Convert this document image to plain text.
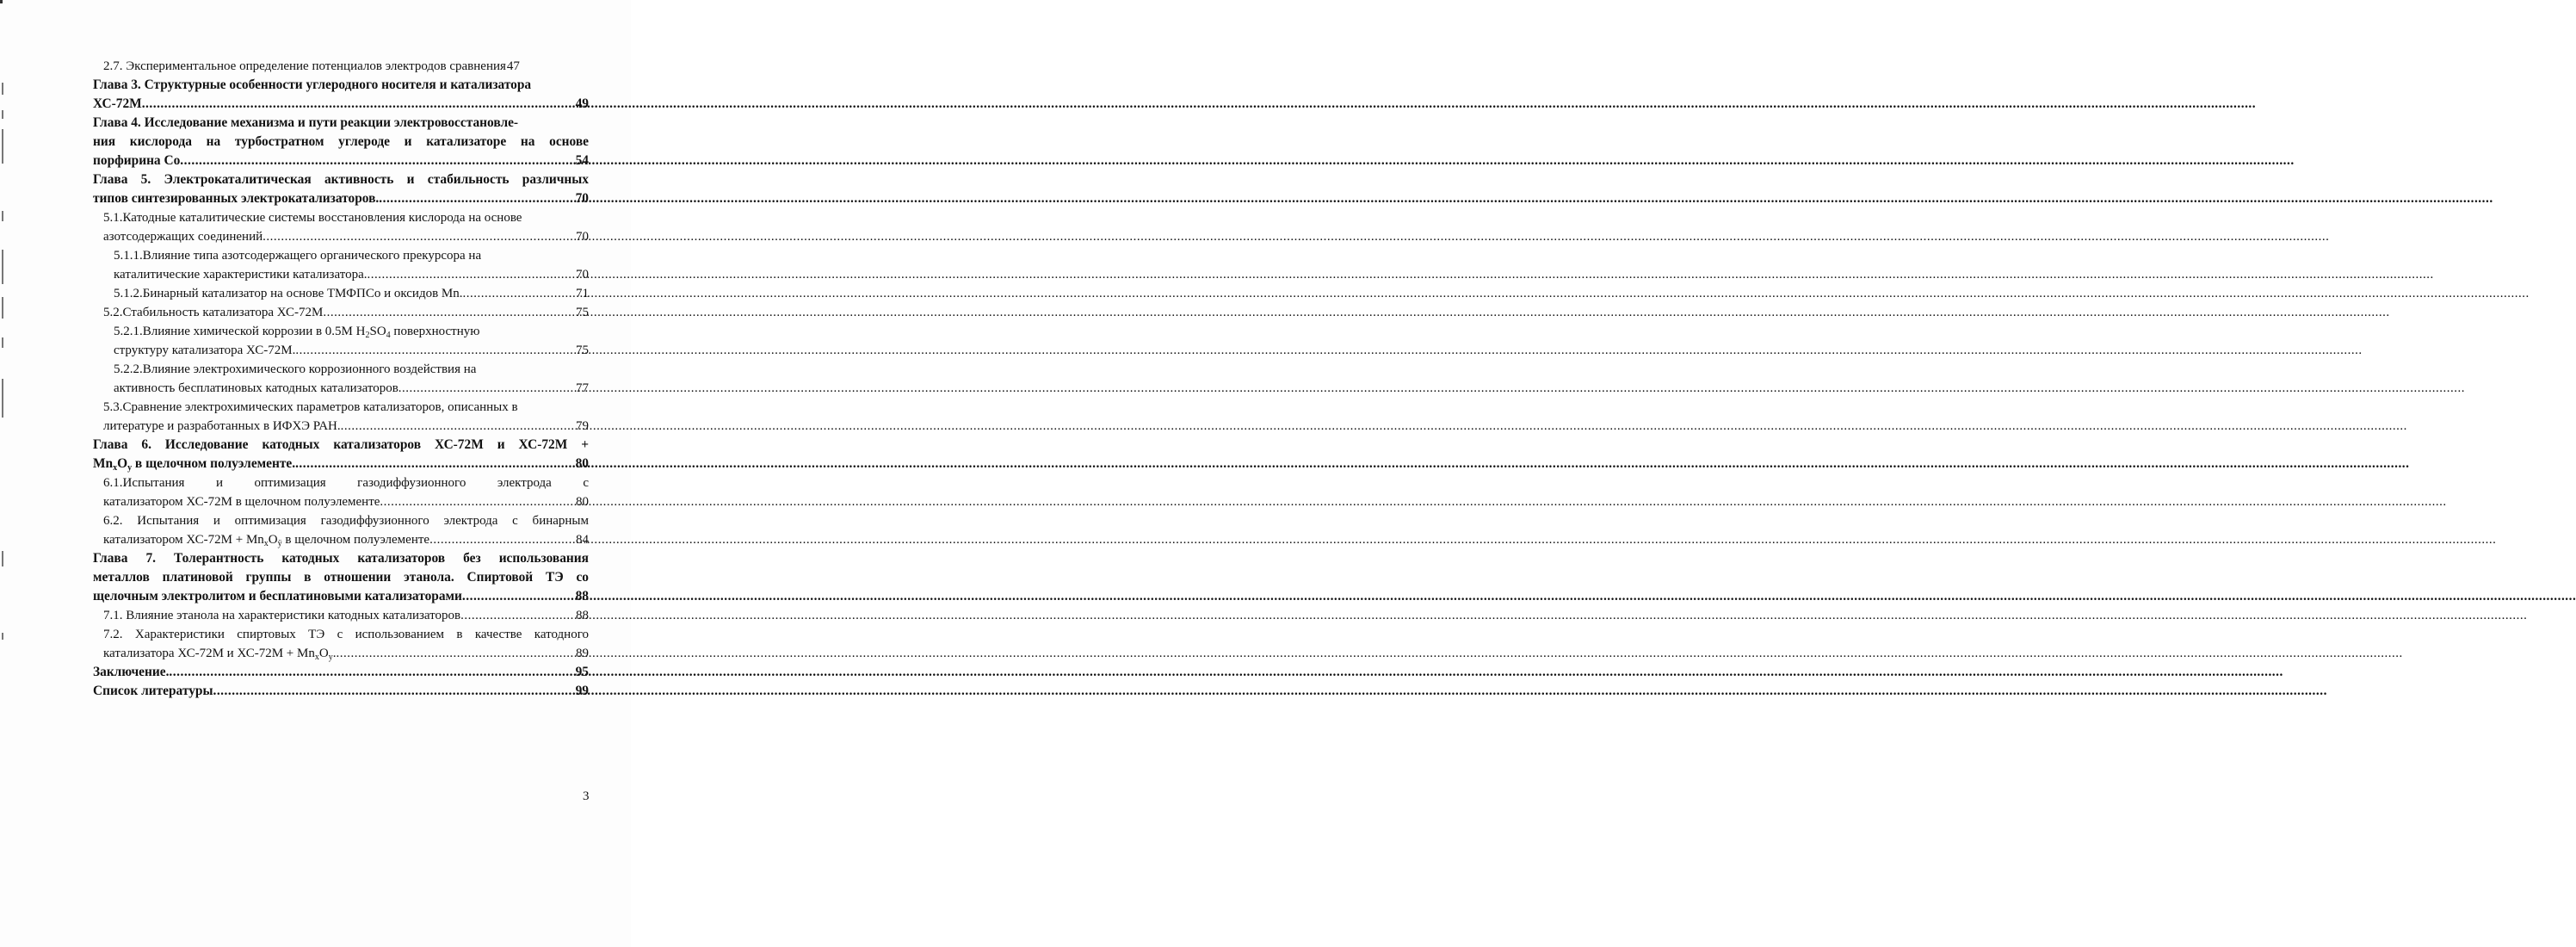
2.7. Экспериментальное определение потенциалов электродов сравнения 47
Глава 3. Структурные особенности углеродного носителя и катализатора
ХС-72М .....	49
Глава 4. Исследование механизма и пути реакции электровосстановле-
ния кислорода на турбостратном углероде и катализаторе на основе
порфирина Со .....	54
Глава 5. Электрокаталитическая активность и стабильность различных
типов синтезированных электрокатализаторов. .....	70
5.1.Катодные каталитические системы восстановления кислорода на основе
азотсодержащих соединений .....	70
5.1.1.Влияние типа азотсодержащего органического прекурсора на
каталитические характеристики катализатора. .....	70
5.1.2.Бинарный катализатор на основе ТМФПСо и оксидов Mn. .....	71
5.2.Стабильность катализатора ХС-72М .....	75
5.2.1.Влияние химической коррозии в 0.5М $H_2SO_4$ поверхностную
структуру катализатора ХС-72М. .....	75
5.2.2.Влияние электрохимического коррозионного воздействия на
активность бесплатиновых катодных катализаторов .....	77
5.3.Сравнение электрохимических параметров катализаторов, описанных в
литературе и разработанных в ИФХЭ РАН. .....	79
Глава 6. Исследование катодных катализаторов ХС-72М и ХС-72М +
$Mn_xO_y$ в щелочном полуэлементе. .....	80
6.1.Испытания и оптимизация газодиффузионного электрода с
катализатором ХС-72М в щелочном полуэлементе .....	80
6.2. Испытания и оптимизация газодиффузионного электрода с бинарным
катализатором $ХС-72М + Mn_xO_ÿ$ в щелочном полуэлементе .....	84
Глава 7. Толерантность катодных катализаторов без использования
металлов платиновой группы в отношении этанола. Спиртовой ТЭ со
щелочным электролитом и бесплатиновыми катализаторами .....	88
7.1. Влияние этанола на характеристики катодных катализаторов .....	88
7.2. Характеристики спиртовых ТЭ с использованием в качестве катодного
катализатора ХС-72М и $ХС-72М + Mn_xO_y$. .....	89
Заключение. .....	95
Список литературы .....	99
3
